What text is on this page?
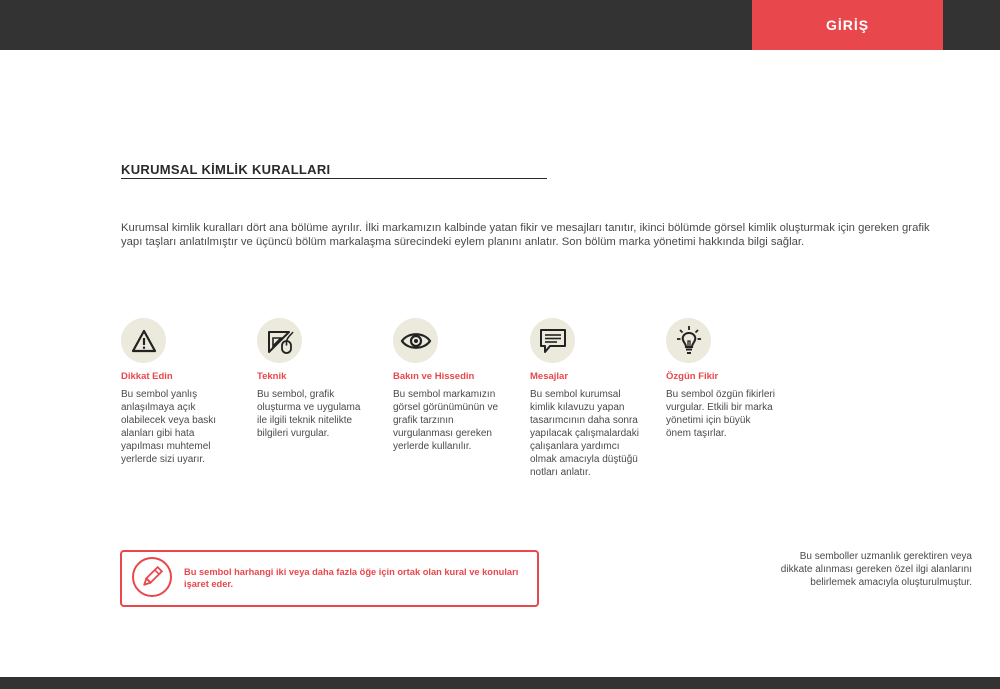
GİRİŞ
KURUMSAL KİMLİK KURALLARI

Kurumsal kimlik kuralları dört ana bölüme ayrılır. İlki markamızın kalbinde yatan fikir ve mesajları tanıtır, ikinci bölümde görsel kimlik oluşturmak için gereken grafik yapı taşları anlatılmıştır ve üçüncü bölüm markalaşma sürecindeki eylem planını anlatır. Son bölüm marka yönetimi hakkında bilgi sağlar.

Dikkat Edin
Bu sembol yanlış anlaşılmaya açık olabilecek veya baskı alanları gibi hata yapılması muhtemel yerlerde sizi uyarır.
Teknik
Bu sembol, grafik oluşturma ve uygulama ile ilgili teknik nitelikte bilgileri vurgular.
Bakın ve Hissedin
Bu sembol markamızın görsel görünümünün ve grafik tarzının vurgulanması gereken yerlerde kullanılır.
Mesajlar
Bu sembol kurumsal kimlik kılavuzu yapan tasarımcının daha sonra yapılacak çalışmalardaki çalışanlara yardımcı olmak amacıyla düştüğü notları anlatır.
Özgün Fikir
Bu sembol özgün fikirleri vurgular. Etkili bir marka yönetimi için büyük önem taşırlar.
Bu sembol harhangi iki veya daha fazla öğe için ortak olan kural ve konuları işaret eder.
Bu semboller uzmanlık gerektiren veya dikkate alınması gereken özel ilgi alanlarını belirlemek amacıyla oluşturulmuştur.
